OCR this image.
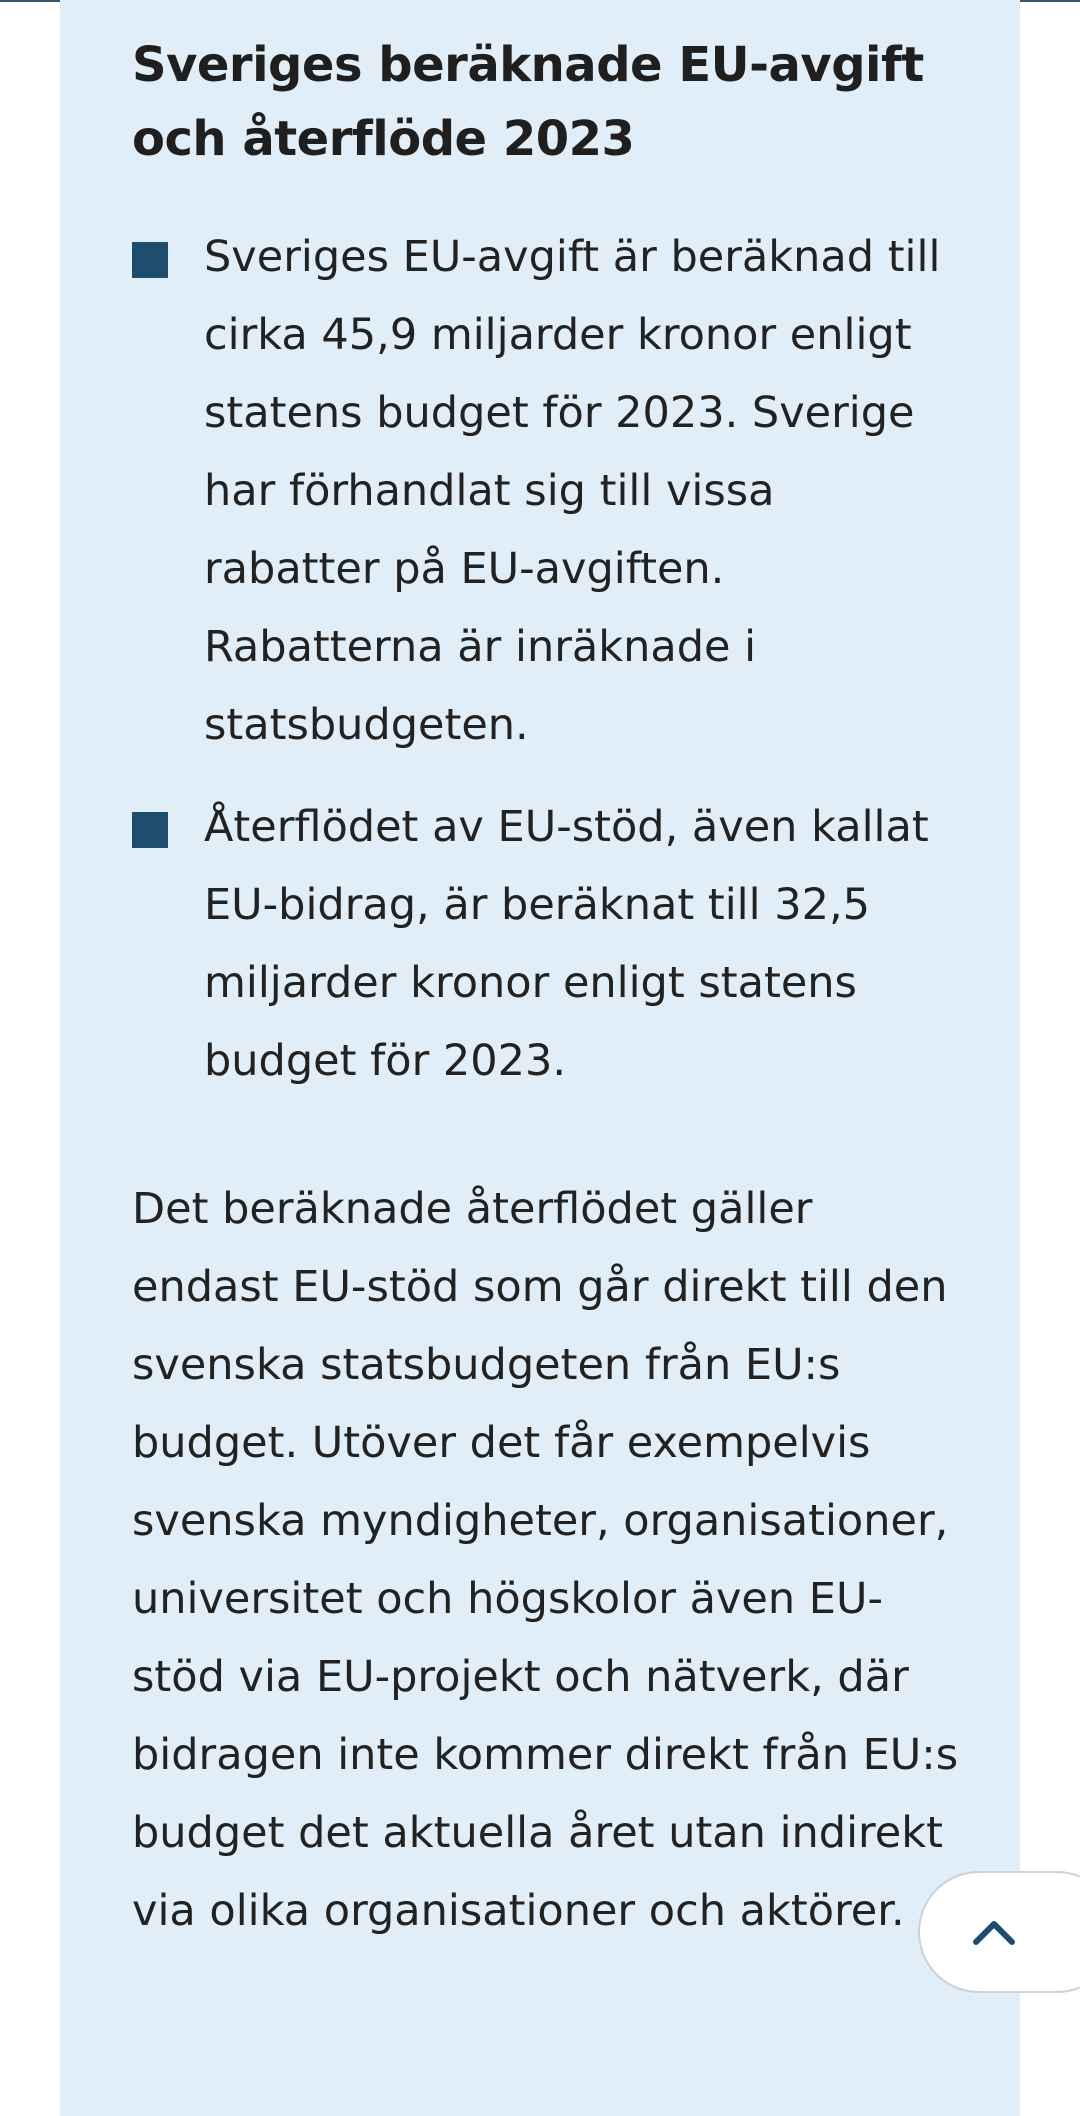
Sveriges beräknade EU-avgift och återflöde 2023
Sveriges EU-avgift är beräknad till cirka 45,9 miljarder kronor enligt statens budget för 2023. Sverige har förhandlat sig till vissa rabatter på EU-avgiften. Rabatterna är inräknade i statsbudgeten.
Återflödet av EU-stöd, även kallat EU-bidrag, är beräknat till 32,5 miljarder kronor enligt statens budget för 2023.

Det beräknade återflödet gäller endast EU-stöd som går direkt till den svenska statsbudgeten från EU:s budget. Utöver det får exempelvis svenska myndigheter, organisationer, universitet och högskolor även EU-stöd via EU-projekt och nätverk, där bidragen inte kommer direkt från EU:s budget det aktuella året utan indirekt via olika organisationer och aktörer.
